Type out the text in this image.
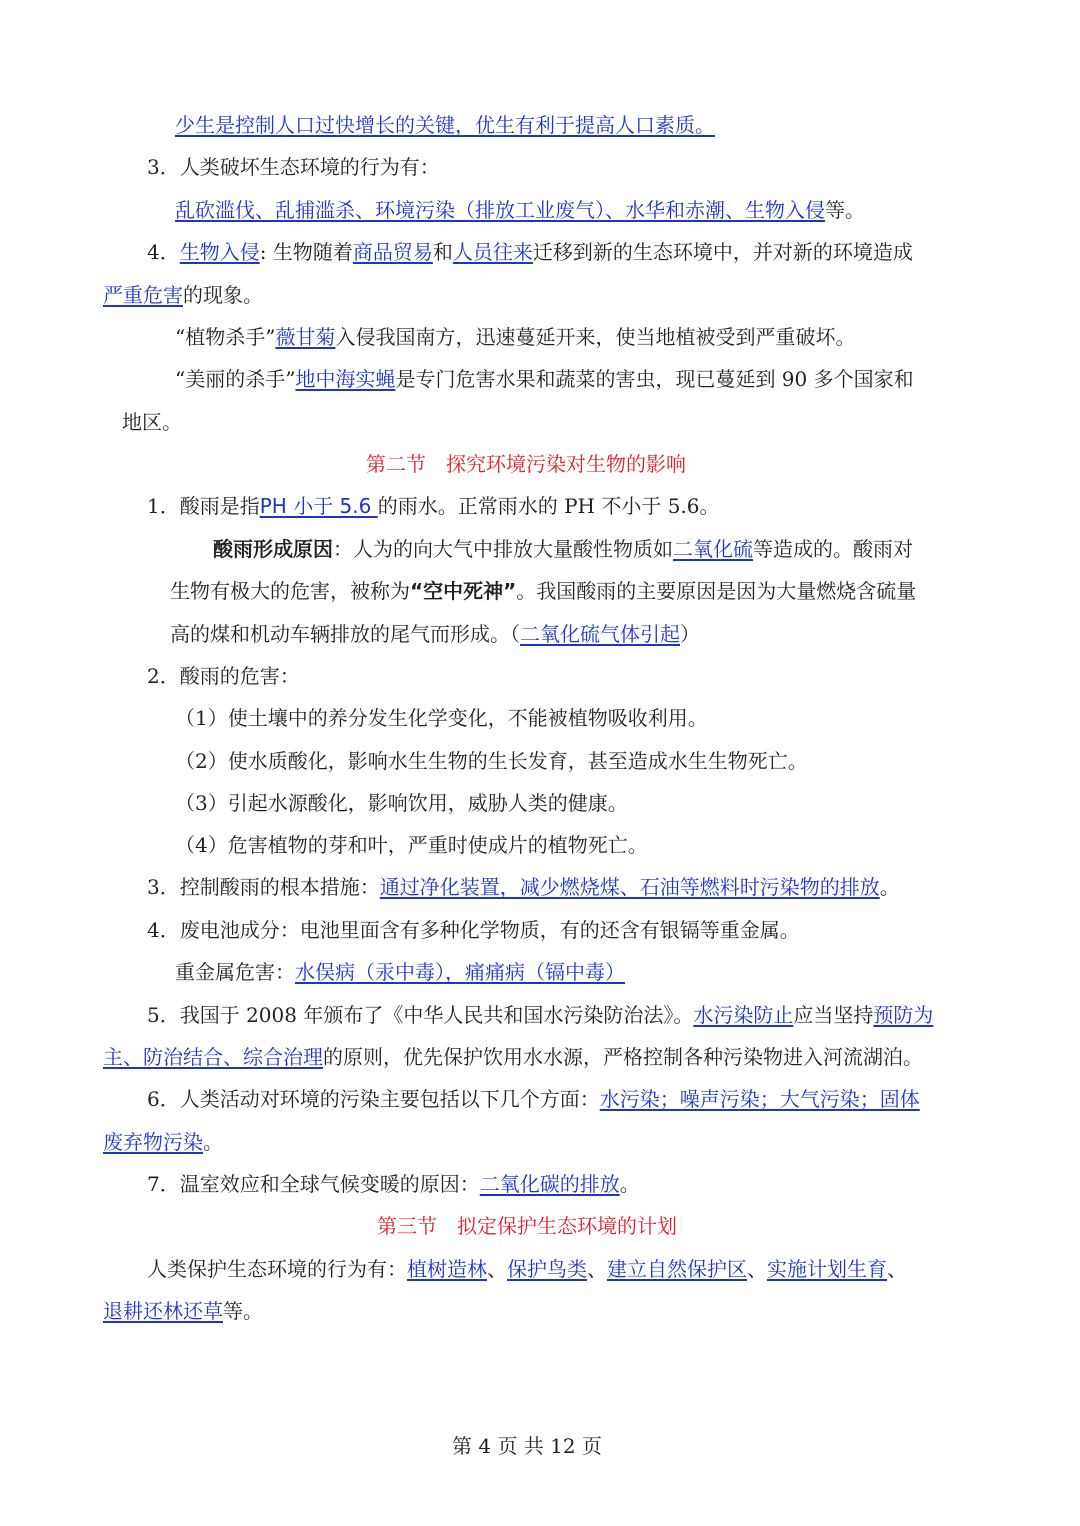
少生是控制人口过快增长的关键，优生有利于提高人口素质。
3．人类破坏生态环境的行为有：
乱砍滥伐、乱捕滥杀、环境污染（排放工业废气）、水华和赤潮、生物入侵等。
4．生物入侵: 生物随着商品贸易和人员往来迁移到新的生态环境中，并对新的环境造成
严重危害的现象。
“植物杀手”薇甘菊入侵我国南方，迅速蔓延开来，使当地植被受到严重破坏。
“美丽的杀手”地中海实蝇是专门危害水果和蔬菜的害虫，现已蔓延到 90 多个国家和
地区。
第二节　探究环境污染对生物的影响
1．酸雨是指PH 小于 5.6 的雨水。正常雨水的 PH 不小于 5.6。
酸雨形成原因：人为的向大气中排放大量酸性物质如二氧化硫等造成的。酸雨对
生物有极大的危害，被称为“空中死神”。我国酸雨的主要原因是因为大量燃烧含硫量
高的煤和机动车辆排放的尾气而形成。（二氧化硫气体引起）
2．酸雨的危害：
（1）使土壤中的养分发生化学变化，不能被植物吸收利用。
（2）使水质酸化，影响水生生物的生长发育，甚至造成水生生物死亡。
（3）引起水源酸化，影响饮用，威胁人类的健康。
（4）危害植物的芽和叶，严重时使成片的植物死亡。
3．控制酸雨的根本措施：通过净化装置，减少燃烧煤、石油等燃料时污染物的排放。
4．废电池成分：电池里面含有多种化学物质，有的还含有银镉等重金属。
重金属危害：水俣病（汞中毒），痛痛病（镉中毒）
5．我国于 2008 年颁布了《中华人民共和国水污染防治法》。水污染防止应当坚持预防为
主、防治结合、综合治理的原则，优先保护饮用水水源，严格控制各种污染物进入河流湖泊。
6．人类活动对环境的污染主要包括以下几个方面：水污染；噪声污染；大气污染；固体
废弃物污染。
7．温室效应和全球气候变暖的原因：二氧化碳的排放。
第三节　拟定保护生态环境的计划
人类保护生态环境的行为有：植树造林、保护鸟类、建立自然保护区、实施计划生育、
退耕还林还草等。
第 4 页 共 12 页
